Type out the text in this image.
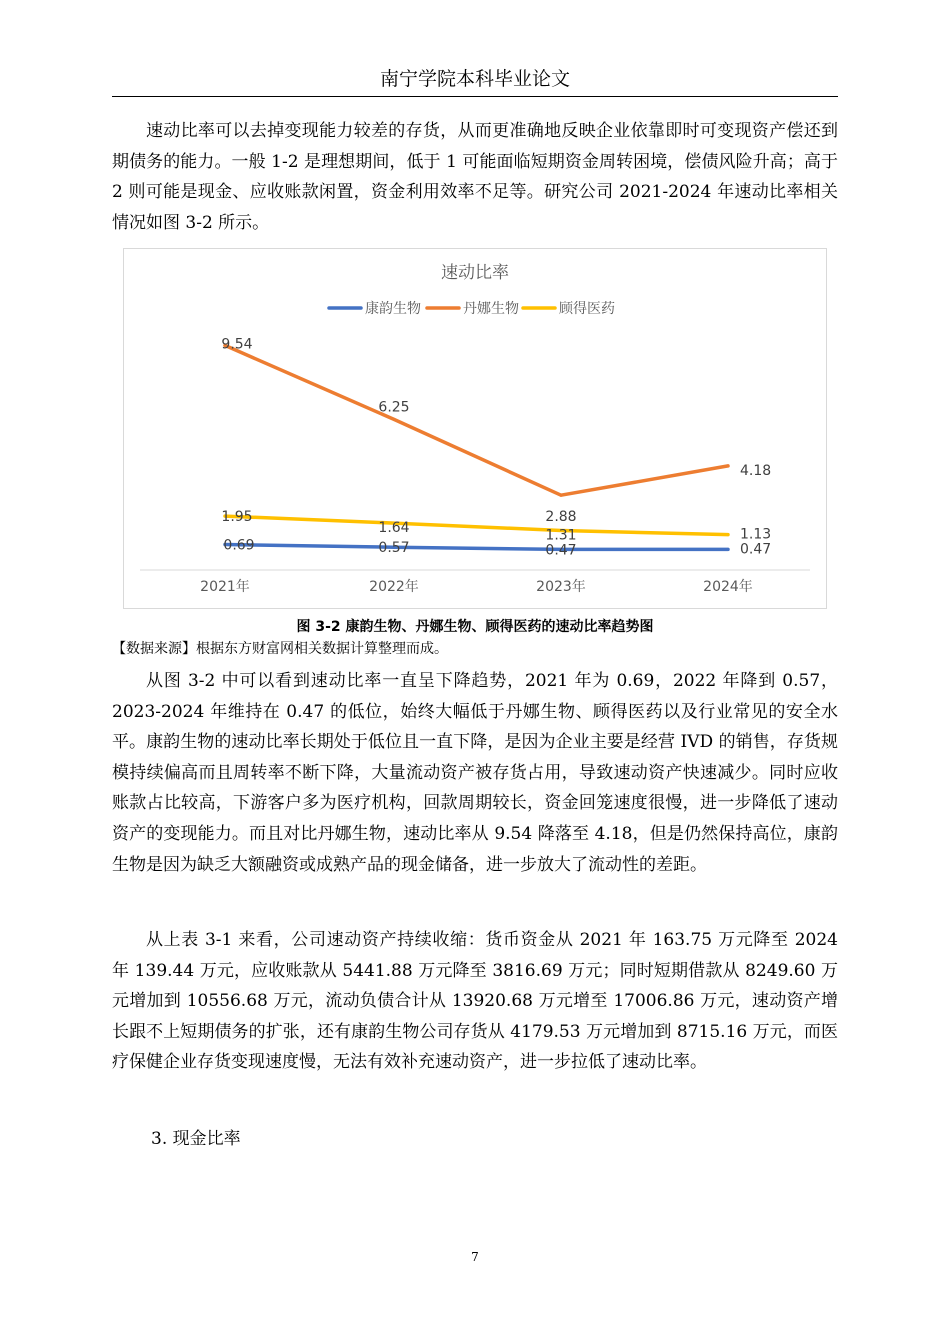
南宁学院本科毕业论文

速动比率可以去掉变现能力较差的存货，从而更准确地反映企业依靠即时可变现资产偿还到期债务的能力。一般 1-2 是理想期间，低于 1 可能面临短期资金周转困境，偿债风险升高；高于 2 则可能是现金、应收账款闲置，资金利用效率不足等。研究公司 2021-2024 年速动比率相关情况如图 3-2 所示。

速动比率
康韵生物	丹娜生物	顾得医药
0.69	0.57	0.47	0.47
9.54
6.25
2.88
4.18
1.95
1.64	1.31	1.13
2021年	2022年	2023年	2024年
图 3-2 康韵生物、丹娜生物、顾得医药的速动比率趋势图
【数据来源】根据东方财富网相关数据计算整理而成。

从图 3-2 中可以看到速动比率一直呈下降趋势，2021 年为 0.69，2022 年降到 0.57，2023-2024 年维持在 0.47 的低位，始终大幅低于丹娜生物、顾得医药以及行业常见的安全水平。康韵生物的速动比率长期处于低位且一直下降，是因为企业主要是经营 IVD 的销售，存货规模持续偏高而且周转率不断下降，大量流动资产被存货占用，导致速动资产快速减少。同时应收账款占比较高，下游客户多为医疗机构，回款周期较长，资金回笼速度很慢，进一步降低了速动资产的变现能力。而且对比丹娜生物，速动比率从 9.54 降落至 4.18，但是仍然保持高位，康韵生物是因为缺乏大额融资或成熟产品的现金储备，进一步放大了流动性的差距。

从上表 3-1 来看，公司速动资产持续收缩：货币资金从 2021 年 163.75 万元降至 2024 年 139.44 万元，应收账款从 5441.88 万元降至 3816.69 万元；同时短期借款从 8249.60 万元增加到 10556.68 万元，流动负债合计从 13920.68 万元增至 17006.86 万元，速动资产增长跟不上短期债务的扩张，还有康韵生物公司存货从 4179.53 万元增加到 8715.16 万元，而医疗保健企业存货变现速度慢，无法有效补充速动资产，进一步拉低了速动比率。

3. 现金比率
7
